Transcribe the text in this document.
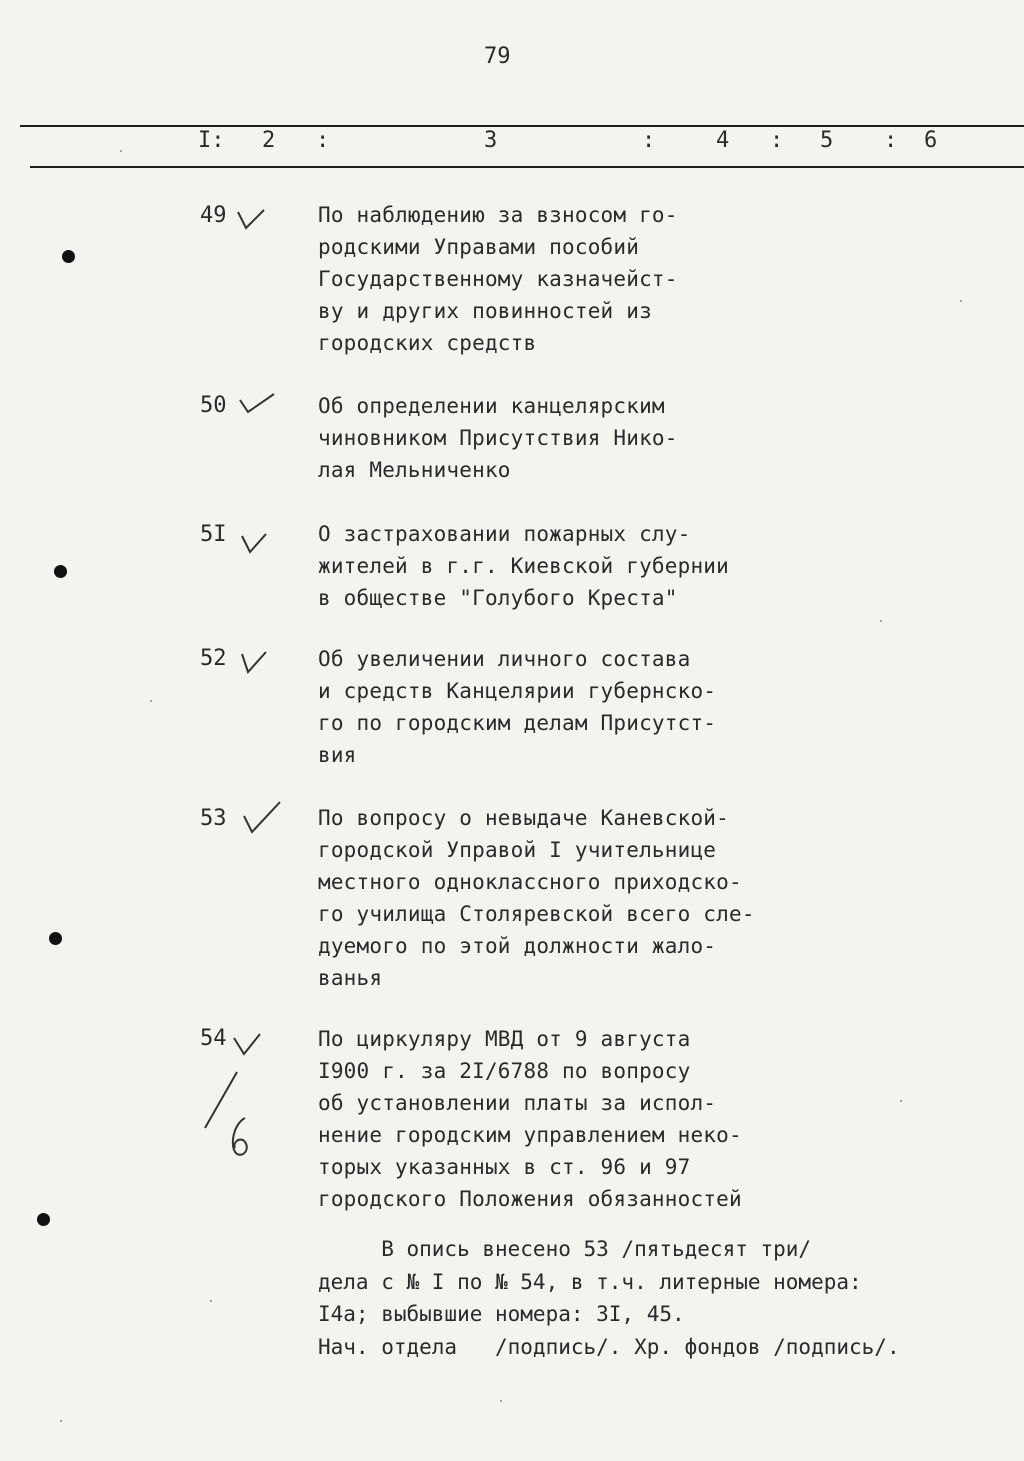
79
I: 2 :	3	:	4 : 5 : 6
49	По наблюдению за взносом го-
родскими Управами пособий
Государственному казначейст-
ву и других повинностей из
городских средств
50	Об определении канцелярским
чиновником Присутствия Нико-
лая Мельниченко
5I	О застраховании пожарных слу-
жителей в г.г. Киевской губернии
в обществе "Голубого Креста"
52	Об увеличении личного состава
и средств Канцелярии губернско-
го по городским делам Присутст-
вия
53	По вопросу о невыдаче Каневской-
городской Управой I учительнице
местного одноклассного приходско-
го училища Столяревской всего сле-
дуемого по этой должности жало-
ванья
54	По циркуляру МВД от 9 августа
I900 г. за 2I/6788 по вопросу
об установлении платы за испол-
нение городским управлением неко-
торых указанных в ст. 96 и 97
городского Положения обязанностей
В опись внесено 53 /пятьдесят три/
дела с № I по № 54, в т.ч. литерные номера:
I4а; выбывшие номера: 3I, 45.
Нач. отдела   /подпись/. Хр. фондов /подпись/.
